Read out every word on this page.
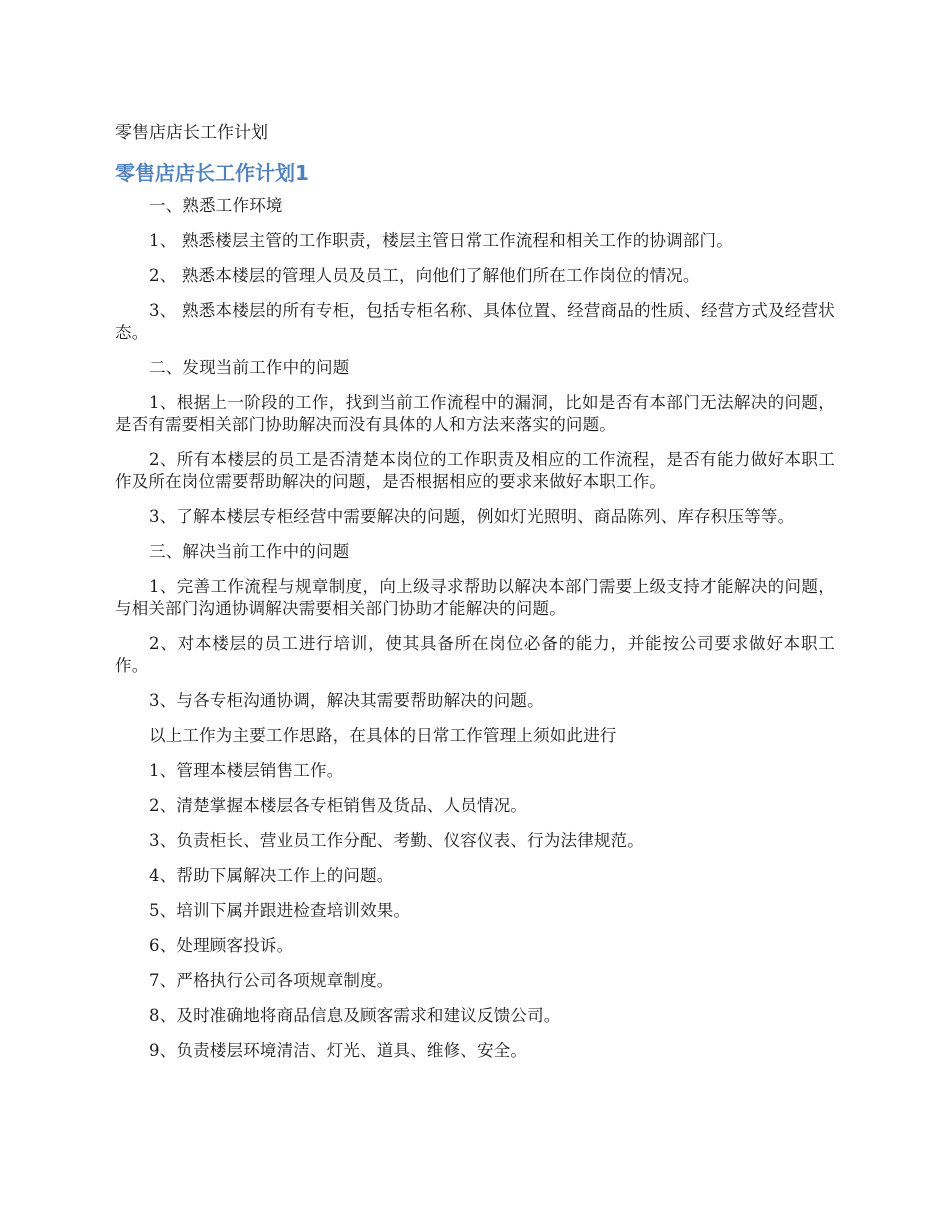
零售店店长工作计划
零售店店长工作计划1

一、熟悉工作环境

1、 熟悉楼层主管的工作职责，楼层主管日常工作流程和相关工作的协调部门。

2、 熟悉本楼层的管理人员及员工，向他们了解他们所在工作岗位的情况。

3、 熟悉本楼层的所有专柜，包括专柜名称、具体位置、经营商品的性质、经营方式及经营状态。

二、发现当前工作中的问题

1、根据上一阶段的工作，找到当前工作流程中的漏洞，比如是否有本部门无法解决的问题，是否有需要相关部门协助解决而没有具体的人和方法来落实的问题。

2、所有本楼层的员工是否清楚本岗位的工作职责及相应的工作流程，是否有能力做好本职工作及所在岗位需要帮助解决的问题，是否根据相应的要求来做好本职工作。

3、了解本楼层专柜经营中需要解决的问题，例如灯光照明、商品陈列、库存积压等等。

三、解决当前工作中的问题

1、完善工作流程与规章制度，向上级寻求帮助以解决本部门需要上级支持才能解决的问题，与相关部门沟通协调解决需要相关部门协助才能解决的问题。

2、对本楼层的员工进行培训，使其具备所在岗位必备的能力，并能按公司要求做好本职工作。

3、与各专柜沟通协调，解决其需要帮助解决的问题。

以上工作为主要工作思路，在具体的日常工作管理上须如此进行

1、管理本楼层销售工作。

2、清楚掌握本楼层各专柜销售及货品、人员情况。

3、负责柜长、营业员工作分配、考勤、仪容仪表、行为法律规范。

4、帮助下属解决工作上的问题。

5、培训下属并跟进检查培训效果。

6、处理顾客投诉。

7、严格执行公司各项规章制度。

8、及时准确地将商品信息及顾客需求和建议反馈公司。

9、负责楼层环境清洁、灯光、道具、维修、安全。
